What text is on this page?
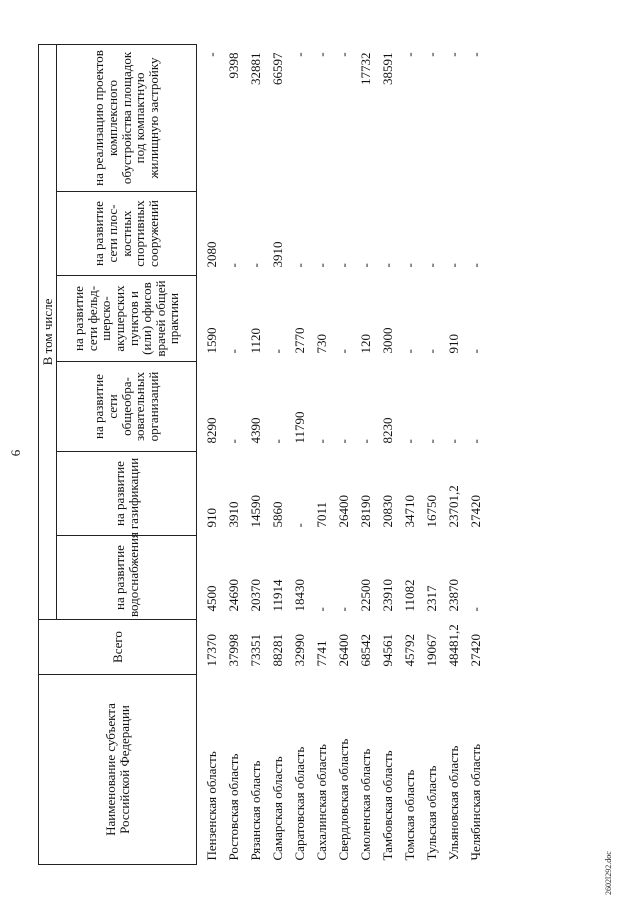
6
Наименование субъекта Российской Федерации	Всего	В том числе					
		на развитие водоснабжения	на развитие газификации	на развитие сети общеобра-зовательных организаций	на развитие сети фельд-шерско-акушерских пунктов и (или) офисов врачей общей практики	на развитие сети плос-костных спортивных сооружений	на реализацию проектов комплексного обустройства площадок под компактную жилищную застройку
Пензенская область	17370	4500	910	8290	1590	2080	-
Ростовская область	37998	24690	3910	-	-	-	9398
Рязанская область	73351	20370	14590	4390	1120	-	32881
Самарская область	88281	11914	5860	-	-	3910	66597
Саратовская область	32990	18430	-	11790	2770	-	-
Сахалинская область	7741	-	7011	-	730	-	-
Свердловская область	26400	-	26400	-	-	-	-
Смоленская область	68542	22500	28190	-	120	-	17732
Тамбовская область	94561	23910	20830	8230	3000	-	38591
Томская область	45792	11082	34710	-	-	-	-
Тульская область	19067	2317	16750	-	-	-	-
Ульяновская область	48481,2	23870	23701,2	-	910	-	-
Челябинская область	27420	-	27420	-	-	-	-
2602l292.doc
